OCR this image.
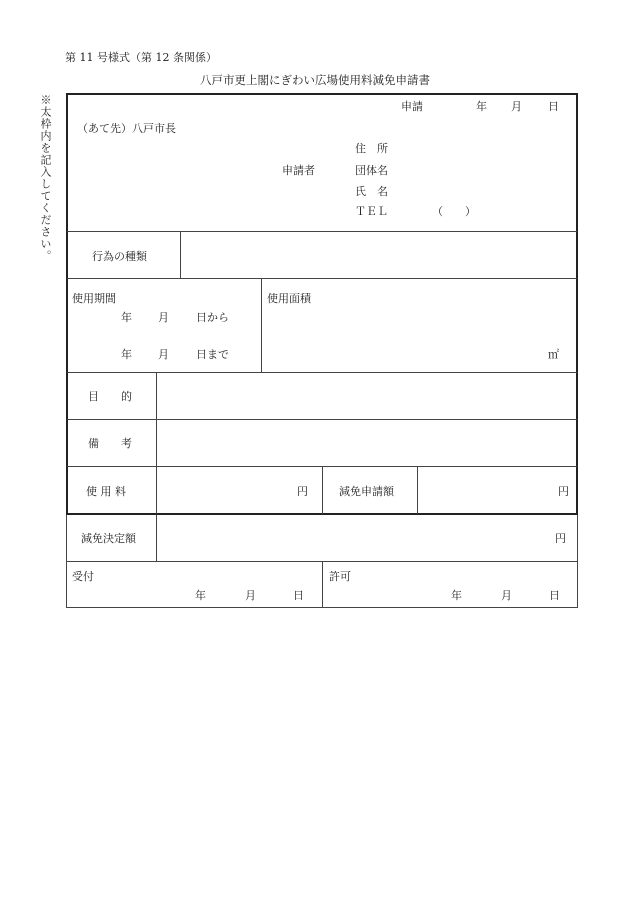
第 11 号様式（第 12 条関係）
八戸市更上閣にぎわい広場使用料減免申請書
※太枠内を記入してください。	申請	年 月 日
（あて先）八戸市長
申請者
住　所
団体名
氏　名
ＴＥＬ	（　　）
行為の種類
使用期間
年 月 日から
年 月 日まで
使用面積
㎡
目　　的
備　　考
使 用 料	円	減免申請額	円
減免決定額	円
受付
年	月	日
許可
年	月	日
